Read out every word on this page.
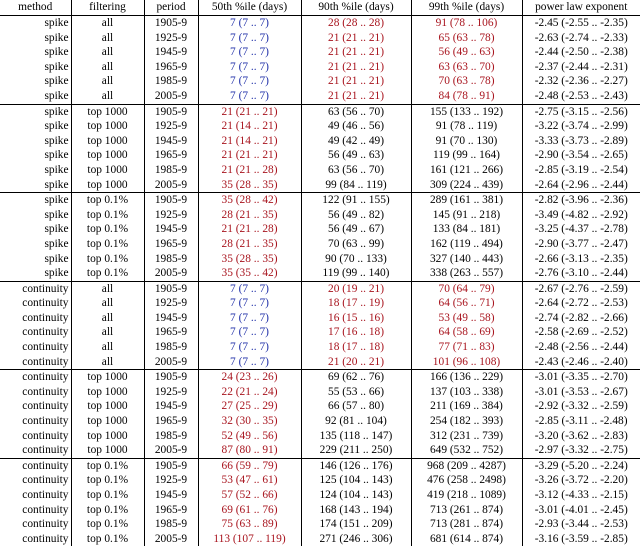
method	filtering	period	50th %ile (days)	90th %ile (days)	99th %ile (days)	power law exponent
spike	all	1905-9	7 (7 .. 7)	28 (28 .. 28)	91 (78 .. 106)	-2.45 (-2.55 .. -2.35)
spike	all	1925-9	7 (7 .. 7)	21 (21 .. 21)	65 (63 .. 78)	-2.63 (-2.74 .. -2.33)
spike	all	1945-9	7 (7 .. 7)	21 (21 .. 21)	56 (49 .. 63)	-2.44 (-2.50 .. -2.38)
spike	all	1965-9	7 (7 .. 7)	21 (21 .. 21)	63 (63 .. 70)	-2.37 (-2.44 .. -2.31)
spike	all	1985-9	7 (7 .. 7)	21 (21 .. 21)	70 (63 .. 78)	-2.32 (-2.36 .. -2.27)
spike	all	2005-9	7 (7 .. 7)	21 (21 .. 21)	84 (78 .. 91)	-2.48 (-2.53 .. -2.43)
spike	top 1000	1905-9	21 (21 .. 21)	63 (56 .. 70)	155 (133 .. 192)	-2.75 (-3.15 .. -2.56)
spike	top 1000	1925-9	21 (14 .. 21)	49 (46 .. 56)	91 (78 .. 119)	-3.22 (-3.74 .. -2.99)
spike	top 1000	1945-9	21 (14 .. 21)	49 (42 .. 49)	91 (70 .. 130)	-3.33 (-3.73 .. -2.89)
spike	top 1000	1965-9	21 (21 .. 21)	56 (49 .. 63)	119 (99 .. 164)	-2.90 (-3.54 .. -2.65)
spike	top 1000	1985-9	21 (21 .. 28)	63 (56 .. 70)	161 (121 .. 266)	-2.85 (-3.19 .. -2.54)
spike	top 1000	2005-9	35 (28 .. 35)	99 (84 .. 119)	309 (224 .. 439)	-2.64 (-2.96 .. -2.44)
spike	top 0.1%	1905-9	35 (28 .. 42)	122 (91 .. 155)	289 (161 .. 381)	-2.82 (-3.96 .. -2.36)
spike	top 0.1%	1925-9	28 (21 .. 35)	56 (49 .. 82)	145 (91 .. 218)	-3.49 (-4.82 .. -2.92)
spike	top 0.1%	1945-9	21 (21 .. 28)	56 (49 .. 67)	133 (84 .. 181)	-3.25 (-4.37 .. -2.78)
spike	top 0.1%	1965-9	28 (21 .. 35)	70 (63 .. 99)	162 (119 .. 494)	-2.90 (-3.77 .. -2.47)
spike	top 0.1%	1985-9	35 (28 .. 35)	90 (70 .. 133)	327 (140 .. 443)	-2.66 (-3.13 .. -2.35)
spike	top 0.1%	2005-9	35 (35 .. 42)	119 (99 .. 140)	338 (263 .. 557)	-2.76 (-3.10 .. -2.44)
continuity	all	1905-9	7 (7 .. 7)	20 (19 .. 21)	70 (64 .. 79)	-2.67 (-2.76 .. -2.59)
continuity	all	1925-9	7 (7 .. 7)	18 (17 .. 19)	64 (56 .. 71)	-2.64 (-2.72 .. -2.53)
continuity	all	1945-9	7 (7 .. 7)	16 (15 .. 16)	53 (49 .. 58)	-2.74 (-2.82 .. -2.66)
continuity	all	1965-9	7 (7 .. 7)	17 (16 .. 18)	64 (58 .. 69)	-2.58 (-2.69 .. -2.52)
continuity	all	1985-9	7 (7 .. 7)	18 (17 .. 18)	77 (71 .. 83)	-2.48 (-2.56 .. -2.44)
continuity	all	2005-9	7 (7 .. 7)	21 (20 .. 21)	101 (96 .. 108)	-2.43 (-2.46 .. -2.40)
continuity	top 1000	1905-9	24 (23 .. 26)	69 (62 .. 76)	166 (136 .. 229)	-3.01 (-3.35 .. -2.70)
continuity	top 1000	1925-9	22 (21 .. 24)	55 (53 .. 66)	137 (103 .. 338)	-3.01 (-3.53 .. -2.67)
continuity	top 1000	1945-9	27 (25 .. 29)	66 (57 .. 80)	211 (169 .. 384)	-2.92 (-3.32 .. -2.59)
continuity	top 1000	1965-9	32 (30 .. 35)	92 (81 .. 104)	254 (182 .. 393)	-2.85 (-3.11 .. -2.48)
continuity	top 1000	1985-9	52 (49 .. 56)	135 (118 .. 147)	312 (231 .. 739)	-3.20 (-3.62 .. -2.83)
continuity	top 1000	2005-9	87 (80 .. 91)	229 (211 .. 250)	649 (532 .. 752)	-2.97 (-3.32 .. -2.75)
continuity	top 0.1%	1905-9	66 (59 .. 79)	146 (126 .. 176)	968 (209 .. 4287)	-3.29 (-5.20 .. -2.24)
continuity	top 0.1%	1925-9	53 (47 .. 61)	125 (104 .. 143)	476 (258 .. 2498)	-3.26 (-3.72 .. -2.20)
continuity	top 0.1%	1945-9	57 (52 .. 66)	124 (104 .. 143)	419 (218 .. 1089)	-3.12 (-4.33 .. -2.15)
continuity	top 0.1%	1965-9	69 (61 .. 76)	168 (143 .. 194)	713 (261 .. 874)	-3.01 (-4.01 .. -2.45)
continuity	top 0.1%	1985-9	75 (63 .. 89)	174 (151 .. 209)	713 (281 .. 874)	-2.93 (-3.44 .. -2.53)
continuity	top 0.1%	2005-9	113 (107 .. 119)	271 (246 .. 306)	681 (614 .. 874)	-3.16 (-3.59 .. -2.85)
